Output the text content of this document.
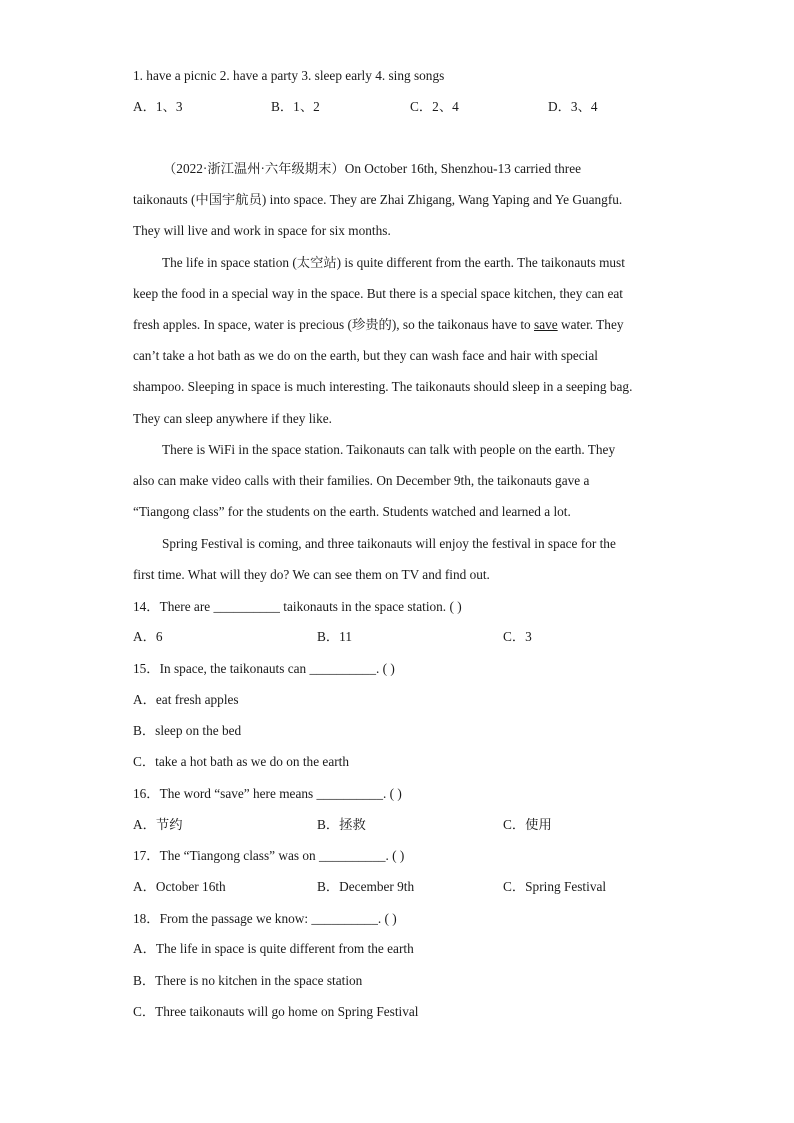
1. have a picnic 2. have a party 3. sleep early 4. sing songs
A．1、3	B．1、2	C．2、4	D．3、4
（2022·浙江温州·六年级期末）On October 16th, Shenzhou-13 carried three
taikonauts (中国宇航员) into space. They are Zhai Zhigang, Wang Yaping and Ye Guangfu.
They will live and work in space for six months.
The life in space station (太空站) is quite different from the earth. The taikonauts must
keep the food in a special way in the space. But there is a special space kitchen, they can eat
fresh apples. In space, water is precious (珍贵的), so the taikonaus have to save water. They
can’t take a hot bath as we do on the earth, but they can wash face and hair with special
shampoo. Sleeping in space is much interesting. The taikonauts should sleep in a seeping bag.
They can sleep anywhere if they like.
There is WiFi in the space station. Taikonauts can talk with people on the earth. They
also can make video calls with their families. On December 9th, the taikonauts gave a
“Tiangong class” for the students on the earth. Students watched and learned a lot.
Spring Festival is coming, and three taikonauts will enjoy the festival in space for the
first time. What will they do? We can see them on TV and find out.
14．There are __________ taikonauts in the space station. ( )
A．6	B．11	C．3
15．In space, the taikonauts can __________. ( )
A．eat fresh apples
B．sleep on the bed
C．take a hot bath as we do on the earth
16．The word “save” here means __________. ( )
A．节约	B．拯救	C．使用
17．The “Tiangong class” was on __________. ( )
A．October 16th	B．December 9th	C．Spring Festival
18．From the passage we know: __________. ( )
A．The life in space is quite different from the earth
B．There is no kitchen in the space station
C．Three taikonauts will go home on Spring Festival
